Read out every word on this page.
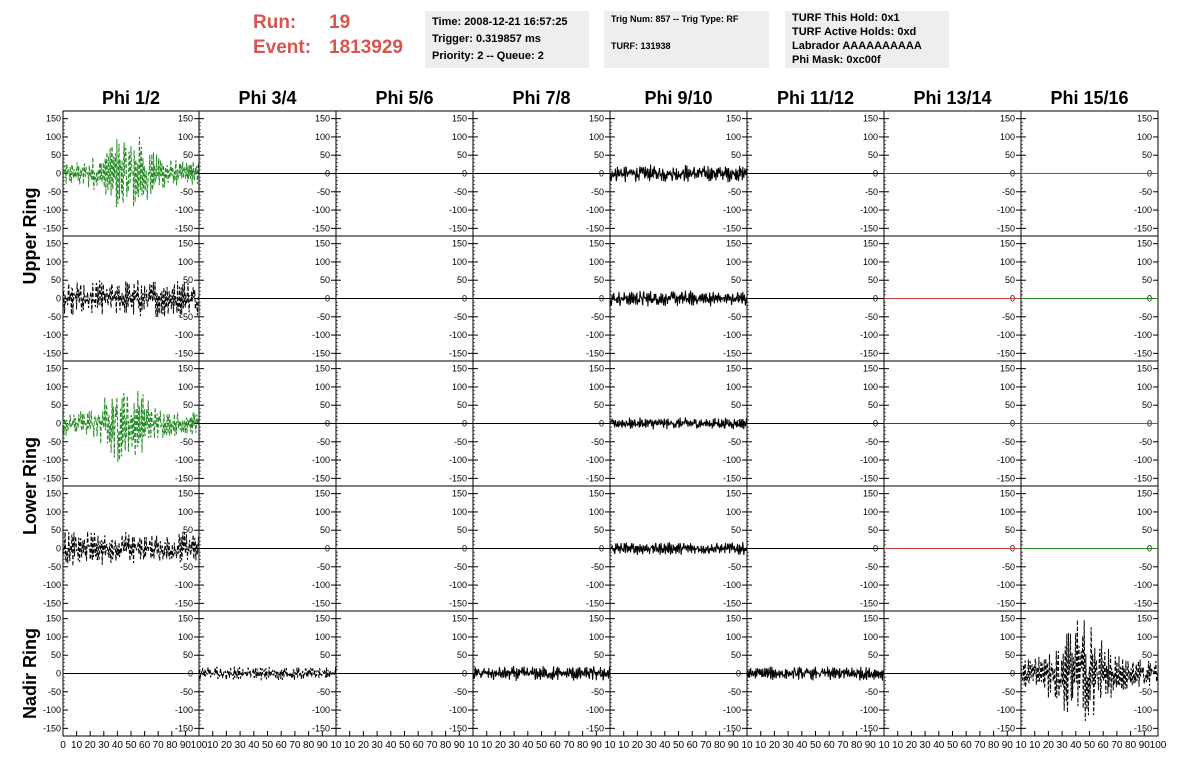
Run: 19
Event: 1813929
Time: 2008-12-21 16:57:25
Trigger: 0.319857 ms
Priority: 2 -- Queue: 2
Trig Num: 857 -- Trig Type: RF
TURF: 131938
TURF This Hold: 0x1
TURF Active Holds: 0xd
Labrador AAAAAAAAAA
Phi Mask: 0xc00f
Phi 1/2	Phi 3/4	Phi 5/6	Phi 7/8	Phi 9/10	Phi 11/12	Phi 13/14	Phi 15/16
Upper Ring
Lower Ring
Nadir Ring
150	150
100	100
50	50
0	0
-50	-50
-100	-100
-150	-150
150
100
50
0
-50
-100
-150
150
100
50
0
-50
-100
-150
150
100
50
0
-50
-100
-150
150
100
50
0
-50
-100
-150
150
100
50
0
-50
-100
-150
150
100
50
0
-50
-100
-150
150
100
50
0
-50
-100
-150
150	150
100	100
50	50
0	0
-50	-50
-100	-100
-150	-150
150
100
50
0
-50
-100
-150
150
100
50
0
-50
-100
-150
150
100
50
0
-50
-100
-150
150
100
50
0
-50
-100
-150
150
100
50
0
-50
-100
-150
150
100
50
0
-50
-100
-150
150
100
50
0
-50
-100
-150
150	150
100	100
50	50
0	0
-50	-50
-100	-100
-150	-150
150
100
50
0
-50
-100
-150
150
100
50
0
-50
-100
-150
150
100
50
0
-50
-100
-150
150
100
50
0
-50
-100
-150
150
100
50
0
-50
-100
-150
150
100
50
0
-50
-100
-150
150
100
50
0
-50
-100
-150
150	150
100	100
50	50
0	0
-50	-50
-100	-100
-150	-150
150
100
50
0
-50
-100
-150
150
100
50
0
-50
-100
-150
150
100
50
0
-50
-100
-150
150
100
50
0
-50
-100
-150
150
100
50
0
-50
-100
-150
150
100
50
0
-50
-100
-150
150
100
50
0
-50
-100
-150
150	150
100	100
50	50
0	0
-50	-50
-100	-100
-150	-150
150
100
50
0
-50
-100
-150
150
100
50
0
-50
-100
-150
150
100
50
0
-50
-100
-150
150
100
50
0
-50
-100
-150
150
100
50
0
-50
-100
-150
150
100
50
0
-50
-100
-150
150
100
50
0
-50
-100
-150
0 10 20 30 40 50 60 70 80 90 100 10 20 30 40 50 60 70 80 90 10 10 20 30 40 50 60 70 80 90 10 10 20 30 40 50 60 70 80 90 10 10 20 30 40 50 60 70 80 90 10 10 20 30 40 50 60 70 80 90 10 10 20 30 40 50 60 70 80 90 10 10 20 30 40 50 60 70 80 90 100
